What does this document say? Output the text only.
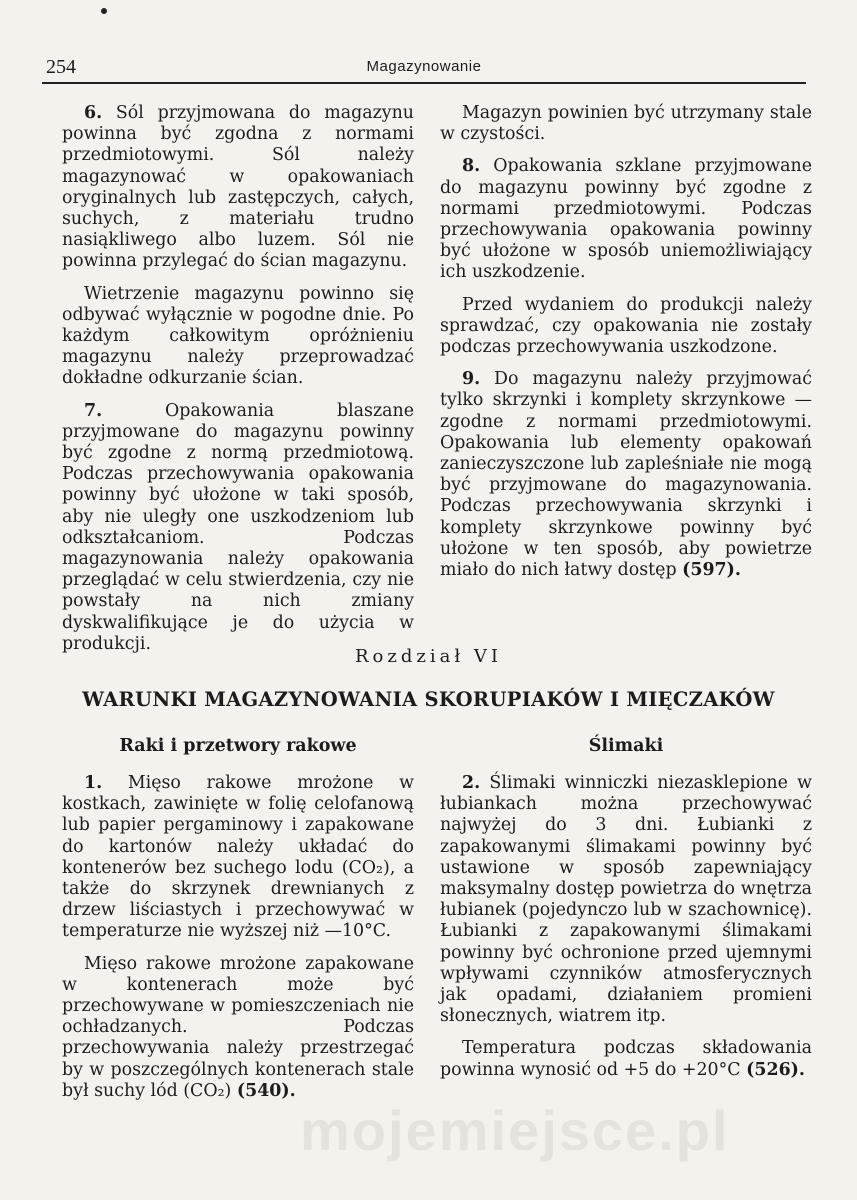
254	Magazynowanie

6. Sól przyjmowana do magazynu powinna być zgodna z normami przedmiotowymi. Sól należy magazynować w opakowaniach oryginalnych lub zastępczych, całych, suchych, z materiału trudno nasiąkliwego albo luzem. Sól nie powinna przylegać do ścian magazynu.

Wietrzenie magazynu powinno się odbywać wyłącznie w pogodne dnie. Po każdym całkowitym opróżnieniu magazynu należy przeprowadzać dokładne odkurzanie ścian.

7.	Opakowania blaszane przyjmowane do magazynu powinny być zgodne z normą przedmiotową. Podczas przechowywania opakowania powinny być ułożone w taki sposób, aby nie uległy one uszkodzeniom lub odkształcaniom. Podczas magazynowania należy opakowania przeglądać w celu stwierdzenia, czy nie powstały na nich zmiany dyskwalifikujące je do użycia w produkcji.

Magazyn powinien być utrzymany stale w czystości.

8. Opakowania szklane przyjmowane do magazynu powinny być zgodne z normami przedmiotowymi. Podczas przechowywania opakowania powinny być ułożone w sposób uniemożliwiający ich uszkodzenie.

Przed wydaniem do produkcji należy sprawdzać, czy opakowania nie zostały podczas przechowywania uszkodzone.

9. Do magazynu należy przyjmować tylko skrzynki i komplety skrzynkowe — zgodne z normami przedmiotowymi. Opakowania lub elementy opakowań zanieczyszczone lub zapleśniałe nie mogą być przyjmowane do magazynowania. Podczas przechowywania skrzynki i komplety skrzynkowe powinny być ułożone w ten sposób, aby powietrze miało do nich łatwy dostęp (597).

Rozdział VI
WARUNKI MAGAZYNOWANIA SKORUPIAKÓW I MIĘCZAKÓW
Raki i przetwory rakowe	Ślimaki

1. Mięso rakowe mrożone w kostkach, zawinięte w folię celofanową lub papier pergaminowy i zapakowane do kartonów należy układać do kontenerów bez suchego lodu (CO₂), a także do skrzynek drewnianych z drzew liściastych i przechowywać w temperaturze nie wyższej niż —10°C.

Mięso rakowe mrożone zapakowane w kontenerach może być przechowywane w pomieszczeniach nie ochładzanych. Podczas przechowywania należy przestrzegać by w poszczególnych kontenerach stale był suchy lód (CO₂) (540).

2. Ślimaki winniczki niezasklepione w łubiankach można przechowywać najwyżej do 3 dni. Łubianki z zapakowanymi ślimakami powinny być ustawione w sposób zapewniający maksymalny dostęp powietrza do wnętrza łubianek (pojedynczo lub w szachownicę). Łubianki z zapakowanymi ślimakami powinny być ochronione przed ujemnymi wpływami czynników atmosferycznych jak opadami, działaniem promieni słonecznych, wiatrem itp.

Temperatura podczas składowania powinna wynosić od +5 do +20°C (526).

mojemiejsce.pl
